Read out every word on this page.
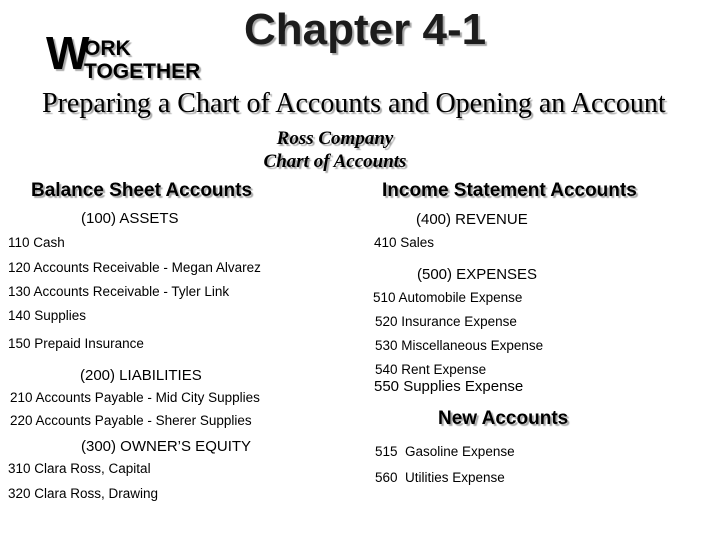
W
ORK
TOGETHER
Chapter 4-1
Preparing a Chart of Accounts and Opening an Account
Ross Company
Chart of Accounts
Balance Sheet Accounts
(100) ASSETS
110 Cash
120 Accounts Receivable - Megan Alvarez
130 Accounts Receivable - Tyler Link
140 Supplies
150 Prepaid Insurance
(200) LIABILITIES
210 Accounts Payable - Mid City Supplies
220 Accounts Payable - Sherer Supplies
(300) OWNER’S EQUITY
310 Clara Ross, Capital
320 Clara Ross, Drawing
Income Statement Accounts
(400) REVENUE
410 Sales
(500) EXPENSES
510 Automobile Expense
520 Insurance Expense
530 Miscellaneous Expense
540 Rent Expense
550 Supplies Expense
New Accounts
515  Gasoline Expense
560  Utilities Expense
